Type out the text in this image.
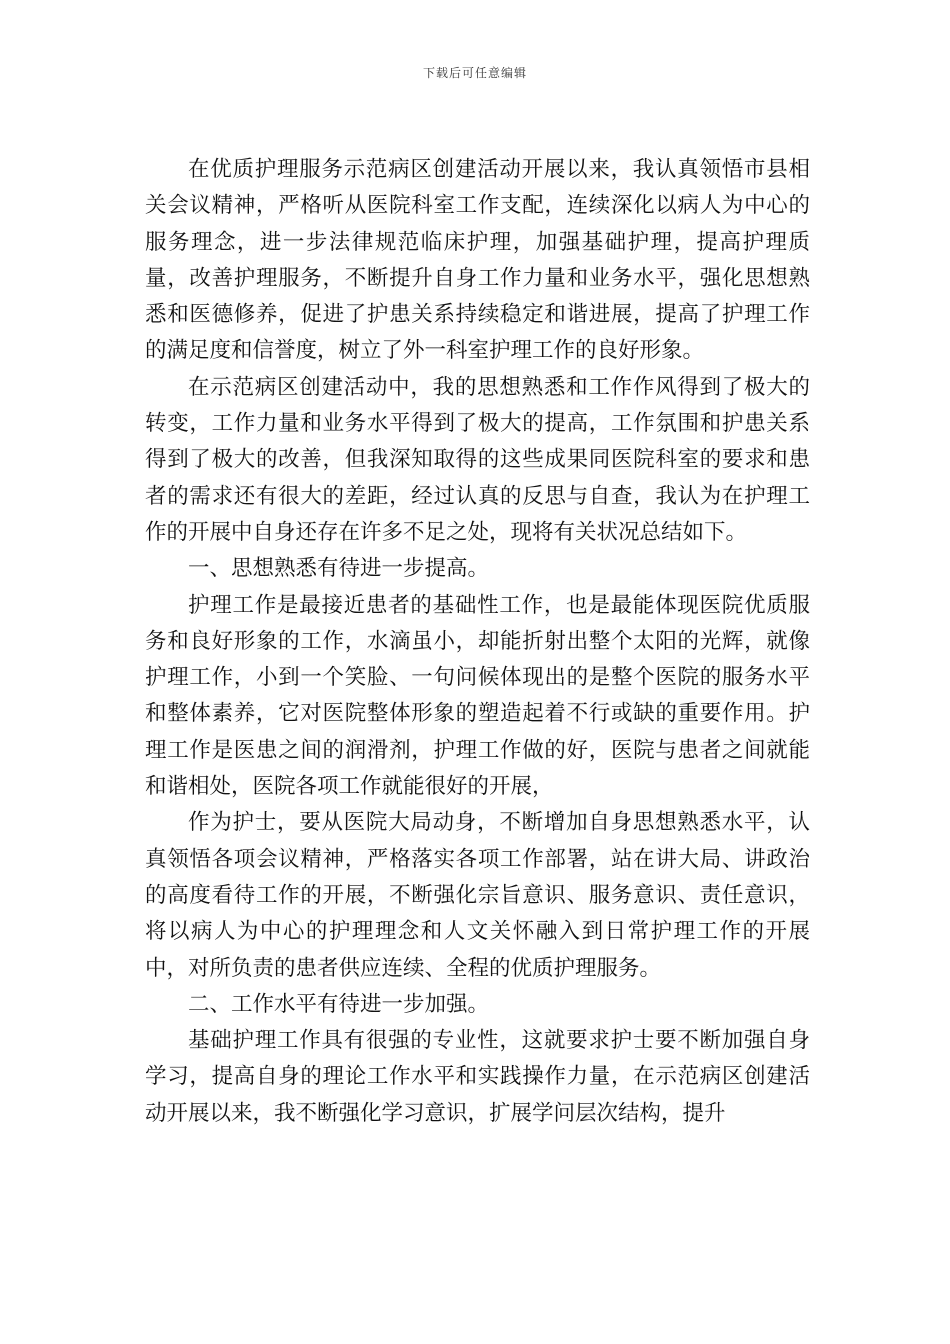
下载后可任意编辑

在优质护理服务示范病区创建活动开展以来，我认真领悟市县相关会议精神，严格听从医院科室工作支配，连续深化以病人为中心的服务理念，进一步法律规范临床护理，加强基础护理，提高护理质量，改善护理服务，不断提升自身工作力量和业务水平，强化思想熟悉和医德修养，促进了护患关系持续稳定和谐进展，提高了护理工作的满足度和信誉度，树立了外一科室护理工作的良好形象。

在示范病区创建活动中，我的思想熟悉和工作作风得到了极大的转变，工作力量和业务水平得到了极大的提高，工作氛围和护患关系得到了极大的改善，但我深知取得的这些成果同医院科室的要求和患者的需求还有很大的差距，经过认真的反思与自查，我认为在护理工作的开展中自身还存在许多不足之处，现将有关状况总结如下。

一、思想熟悉有待进一步提高。

护理工作是最接近患者的基础性工作，也是最能体现医院优质服务和良好形象的工作，水滴虽小，却能折射出整个太阳的光辉，就像护理工作，小到一个笑脸、一句问候体现出的是整个医院的服务水平和整体素养，它对医院整体形象的塑造起着不行或缺的重要作用。护理工作是医患之间的润滑剂，护理工作做的好，医院与患者之间就能和谐相处，医院各项工作就能很好的开展，

作为护士，要从医院大局动身，不断增加自身思想熟悉水平，认真领悟各项会议精神，严格落实各项工作部署，站在讲大局、讲政治的高度看待工作的开展，不断强化宗旨意识、服务意识、责任意识，将以病人为中心的护理理念和人文关怀融入到日常护理工作的开展中，对所负责的患者供应连续、全程的优质护理服务。

二、工作水平有待进一步加强。

基础护理工作具有很强的专业性，这就要求护士要不断加强自身学习，提高自身的理论工作水平和实践操作力量，在示范病区创建活动开展以来，我不断强化学习意识，扩展学问层次结构，提升
